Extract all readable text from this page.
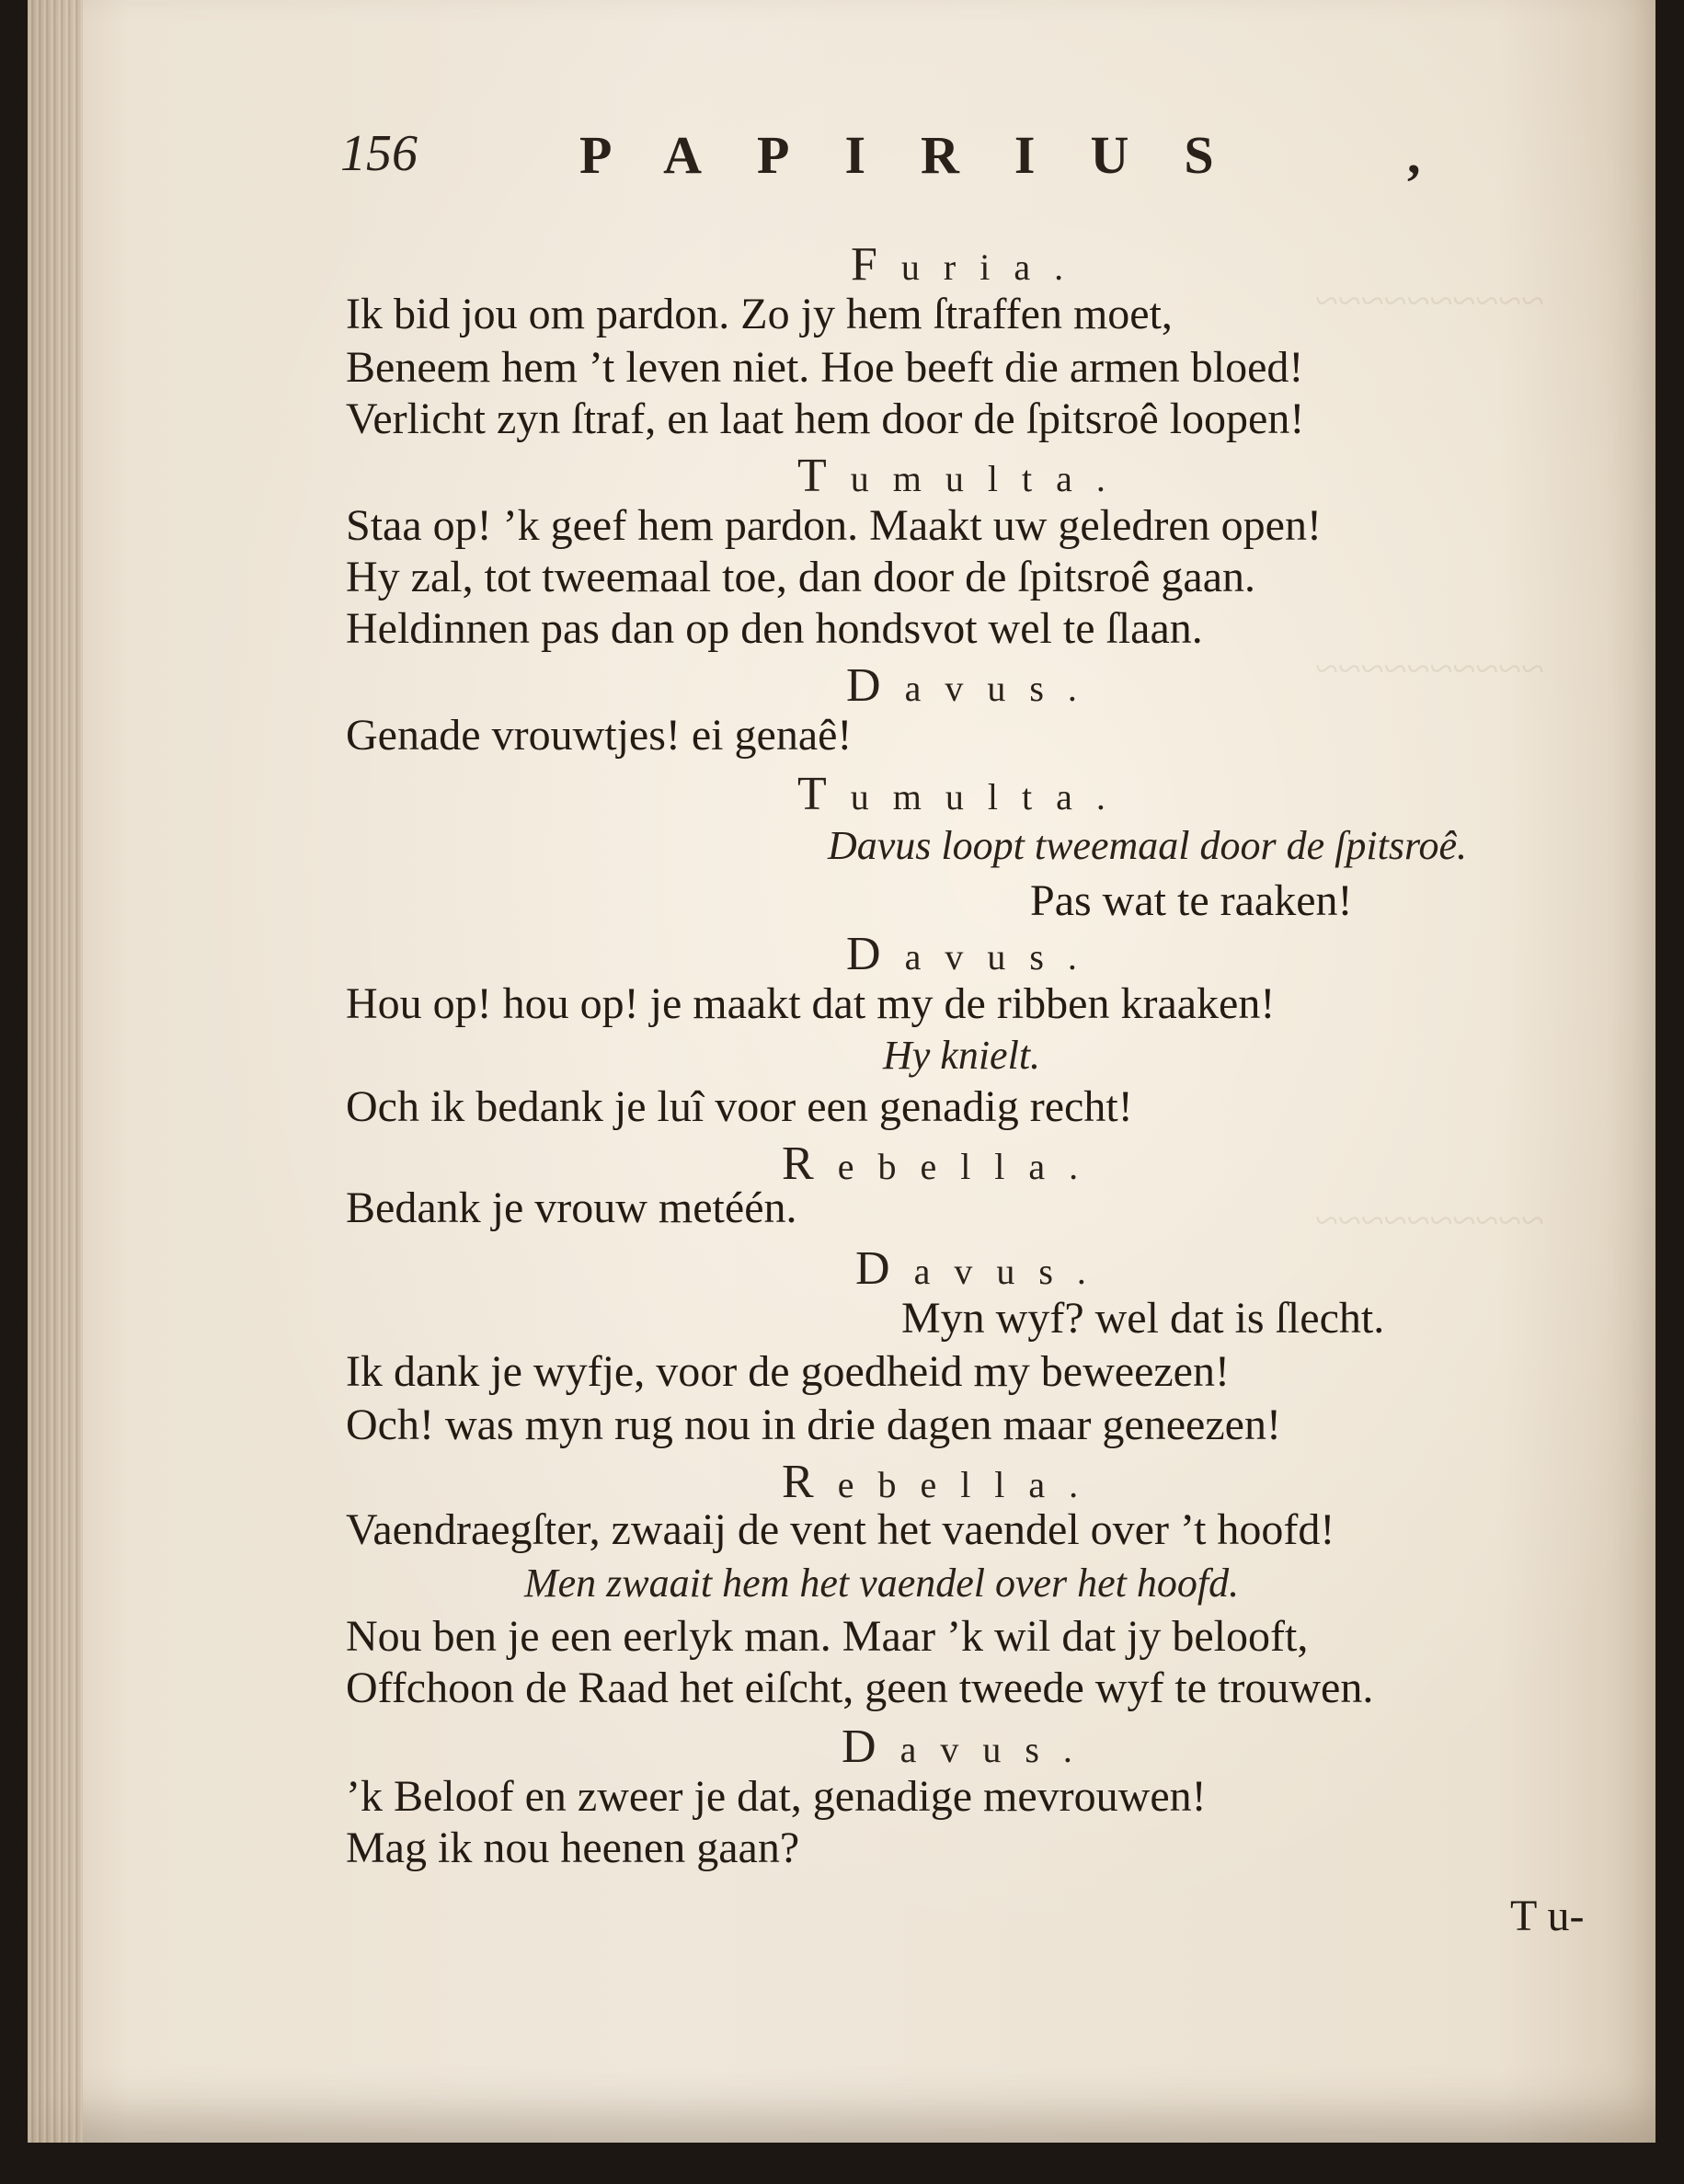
~~~~~~~~~~
~~~~~~~~~~
~~~~~~~~~~
156	PAPIRIUS	,
Furia.
Ik bid jou om pardon. Zo jy hem ſtraffen moet,
Beneem hem ’t leven niet. Hoe beeft die armen bloed!
Verlicht zyn ſtraf, en laat hem door de ſpitsroê loopen!
Tumulta.
Staa op! ’k geef hem pardon. Maakt uw geledren open!
Hy zal, tot tweemaal toe, dan door de ſpitsroê gaan.
Heldinnen pas dan op den hondsvot wel te ſlaan.
Davus.
Genade vrouwtjes! ei genaê!
Tumulta.
Davus loopt tweemaal door de ſpitsroê.
Pas wat te raaken!
Davus.
Hou op! hou op! je maakt dat my de ribben kraaken!
Hy knielt.
Och ik bedank je luî voor een genadig recht!
Rebella.
Bedank je vrouw metéén.
Davus.
Myn wyf? wel dat is ſlecht.
Ik dank je wyfje, voor de goedheid my beweezen!
Och! was myn rug nou in drie dagen maar geneezen!
Rebella.
Vaendraegſter, zwaaij de vent het vaendel over ’t hoofd!
Men zwaait hem het vaendel over het hoofd.
Nou ben je een eerlyk man. Maar ’k wil dat jy belooft,
Offchoon de Raad het eiſcht, geen tweede wyf te trouwen.
Davus.
’k Beloof en zweer je dat, genadige mevrouwen!
Mag ik nou heenen gaan?
T u-
